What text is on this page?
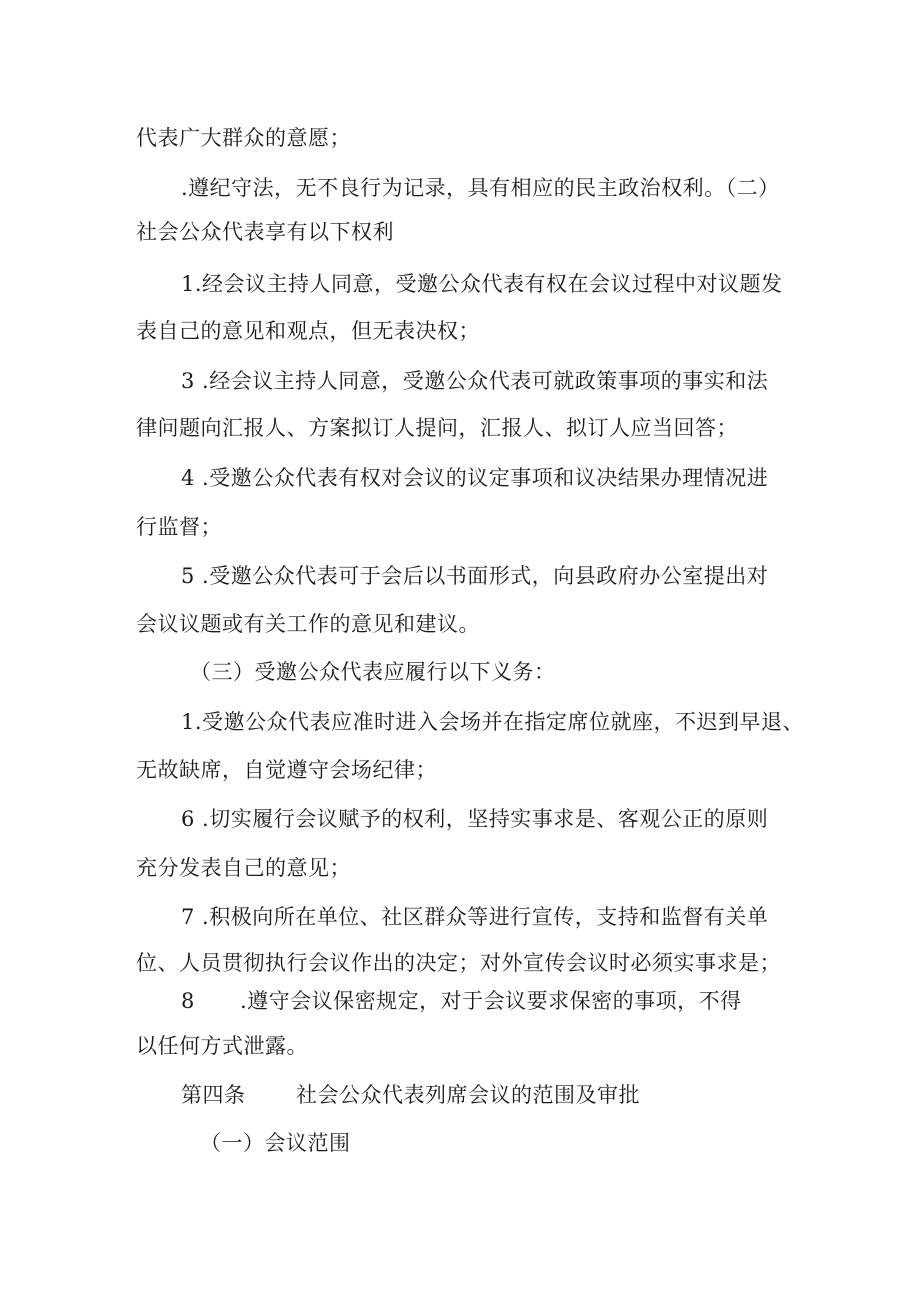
代表广大群众的意愿；
.遵纪守法，无不良行为记录，具有相应的民主政治权利。（二）
社会公众代表享有以下权利
1.经会议主持人同意，受邀公众代表有权在会议过程中对议题发
表自己的意见和观点，但无表决权；
3 .经会议主持人同意，受邀公众代表可就政策事项的事实和法
律问题向汇报人、方案拟订人提问，汇报人、拟订人应当回答；
4 .受邀公众代表有权对会议的议定事项和议决结果办理情况进
行监督；
5 .受邀公众代表可于会后以书面形式，向县政府办公室提出对
会议议题或有关工作的意见和建议。
（三）受邀公众代表应履行以下义务：
1.受邀公众代表应准时进入会场并在指定席位就座，不迟到早退、
无故缺席，自觉遵守会场纪律；
6 .切实履行会议赋予的权利，坚持实事求是、客观公正的原则
充分发表自己的意见；
7 .积极向所在单位、社区群众等进行宣传，支持和监督有关单
位、人员贯彻执行会议作出的决定；对外宣传会议时必须实事求是；
8 .遵守会议保密规定，对于会议要求保密的事项，不得
以任何方式泄露。
第四条 社会公众代表列席会议的范围及审批
（一）会议范围
